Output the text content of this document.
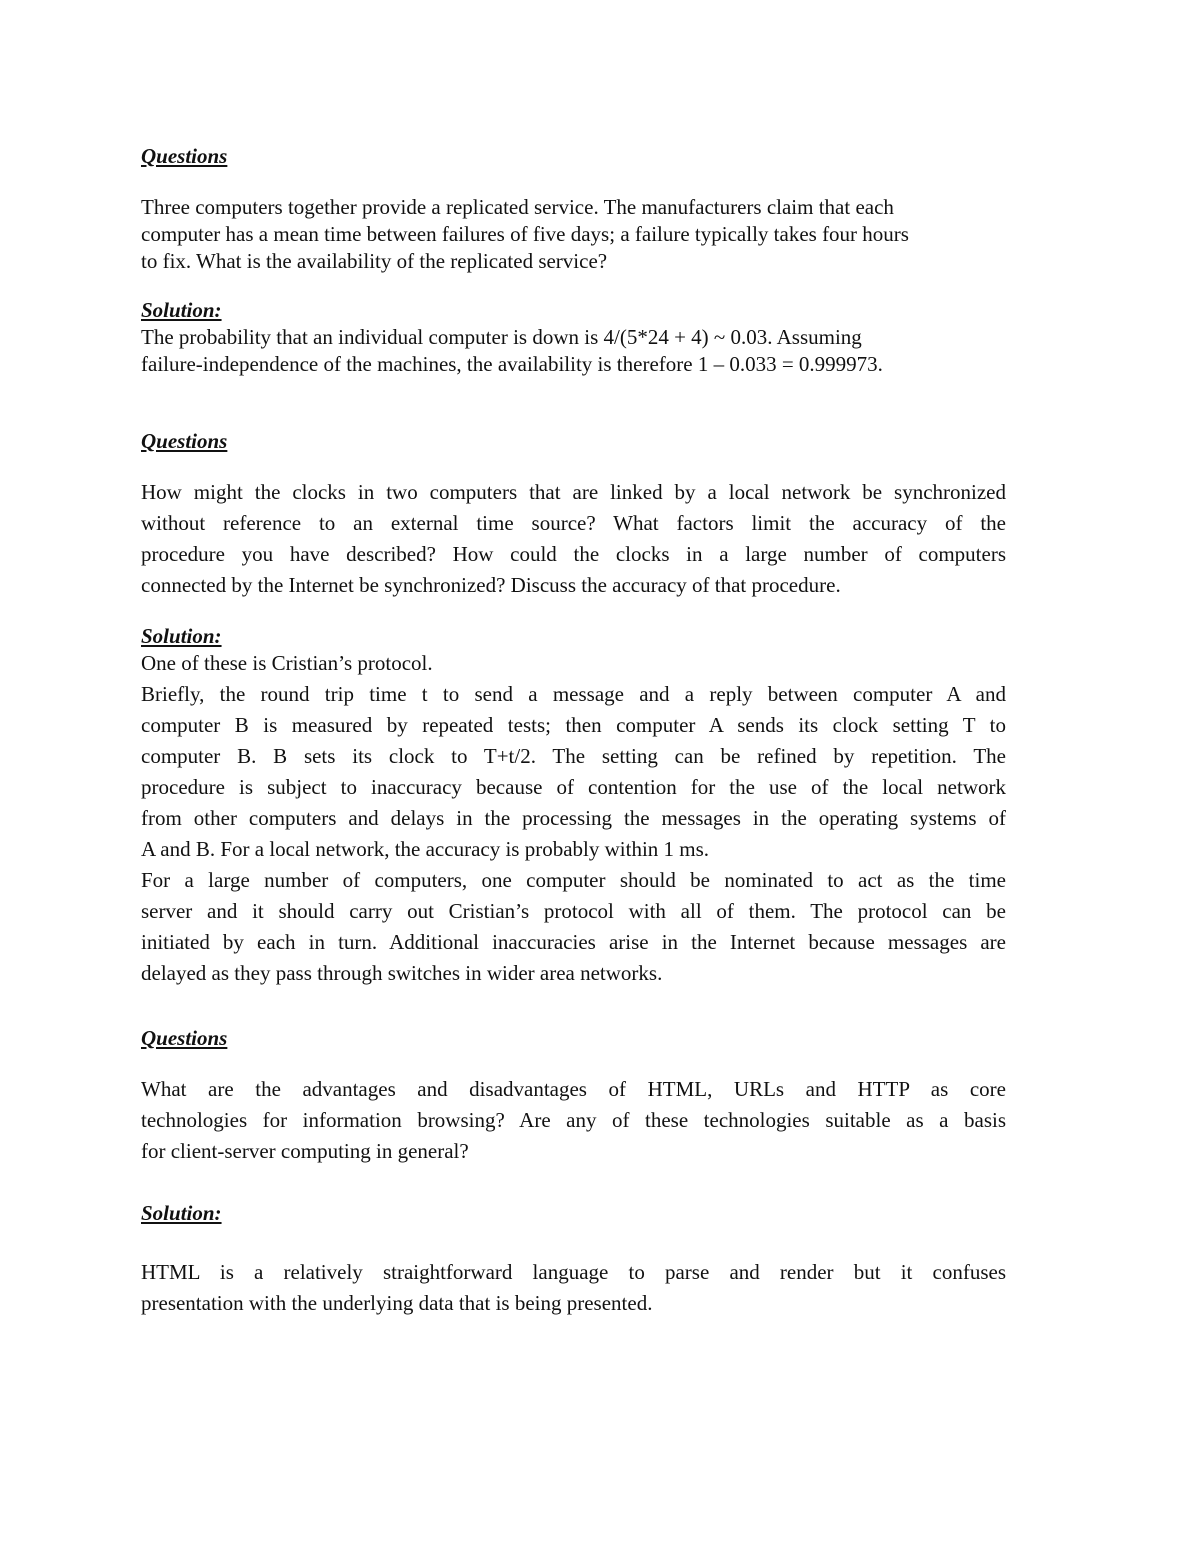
Questions
Three computers together provide a replicated service. The manufacturers claim that each
computer has a mean time between failures of five days; a failure typically takes four hours
to fix. What is the availability of the replicated service?
Solution:
The probability that an individual computer is down is 4/(5*24 + 4) ~ 0.03. Assuming
failure-independence of the machines, the availability is therefore 1 – 0.033 = 0.999973.
Questions
How might the clocks in two computers that are linked by a local network be synchronized
without reference to an external time source? What factors limit the accuracy of the
procedure you have described? How could the clocks in a large number of computers
connected by the Internet be synchronized? Discuss the accuracy of that procedure.
Solution:
One of these is Cristian’s protocol.
Briefly, the round trip time t to send a message and a reply between computer A and
computer B is measured by repeated tests; then computer A sends its clock setting T to
computer B. B sets its clock to T+t/2. The setting can be refined by repetition. The
procedure is subject to inaccuracy because of contention for the use of the local network
from other computers and delays in the processing the messages in the operating systems of
A and B. For a local network, the accuracy is probably within 1 ms.
For a large number of computers, one computer should be nominated to act as the time
server and it should carry out Cristian’s protocol with all of them. The protocol can be
initiated by each in turn. Additional inaccuracies arise in the Internet because messages are
delayed as they pass through switches in wider area networks.
Questions
What are the advantages and disadvantages of HTML, URLs and HTTP as core
technologies for information browsing? Are any of these technologies suitable as a basis
for client-server computing in general?
Solution:
HTML is a relatively straightforward language to parse and render but it confuses
presentation with the underlying data that is being presented.
